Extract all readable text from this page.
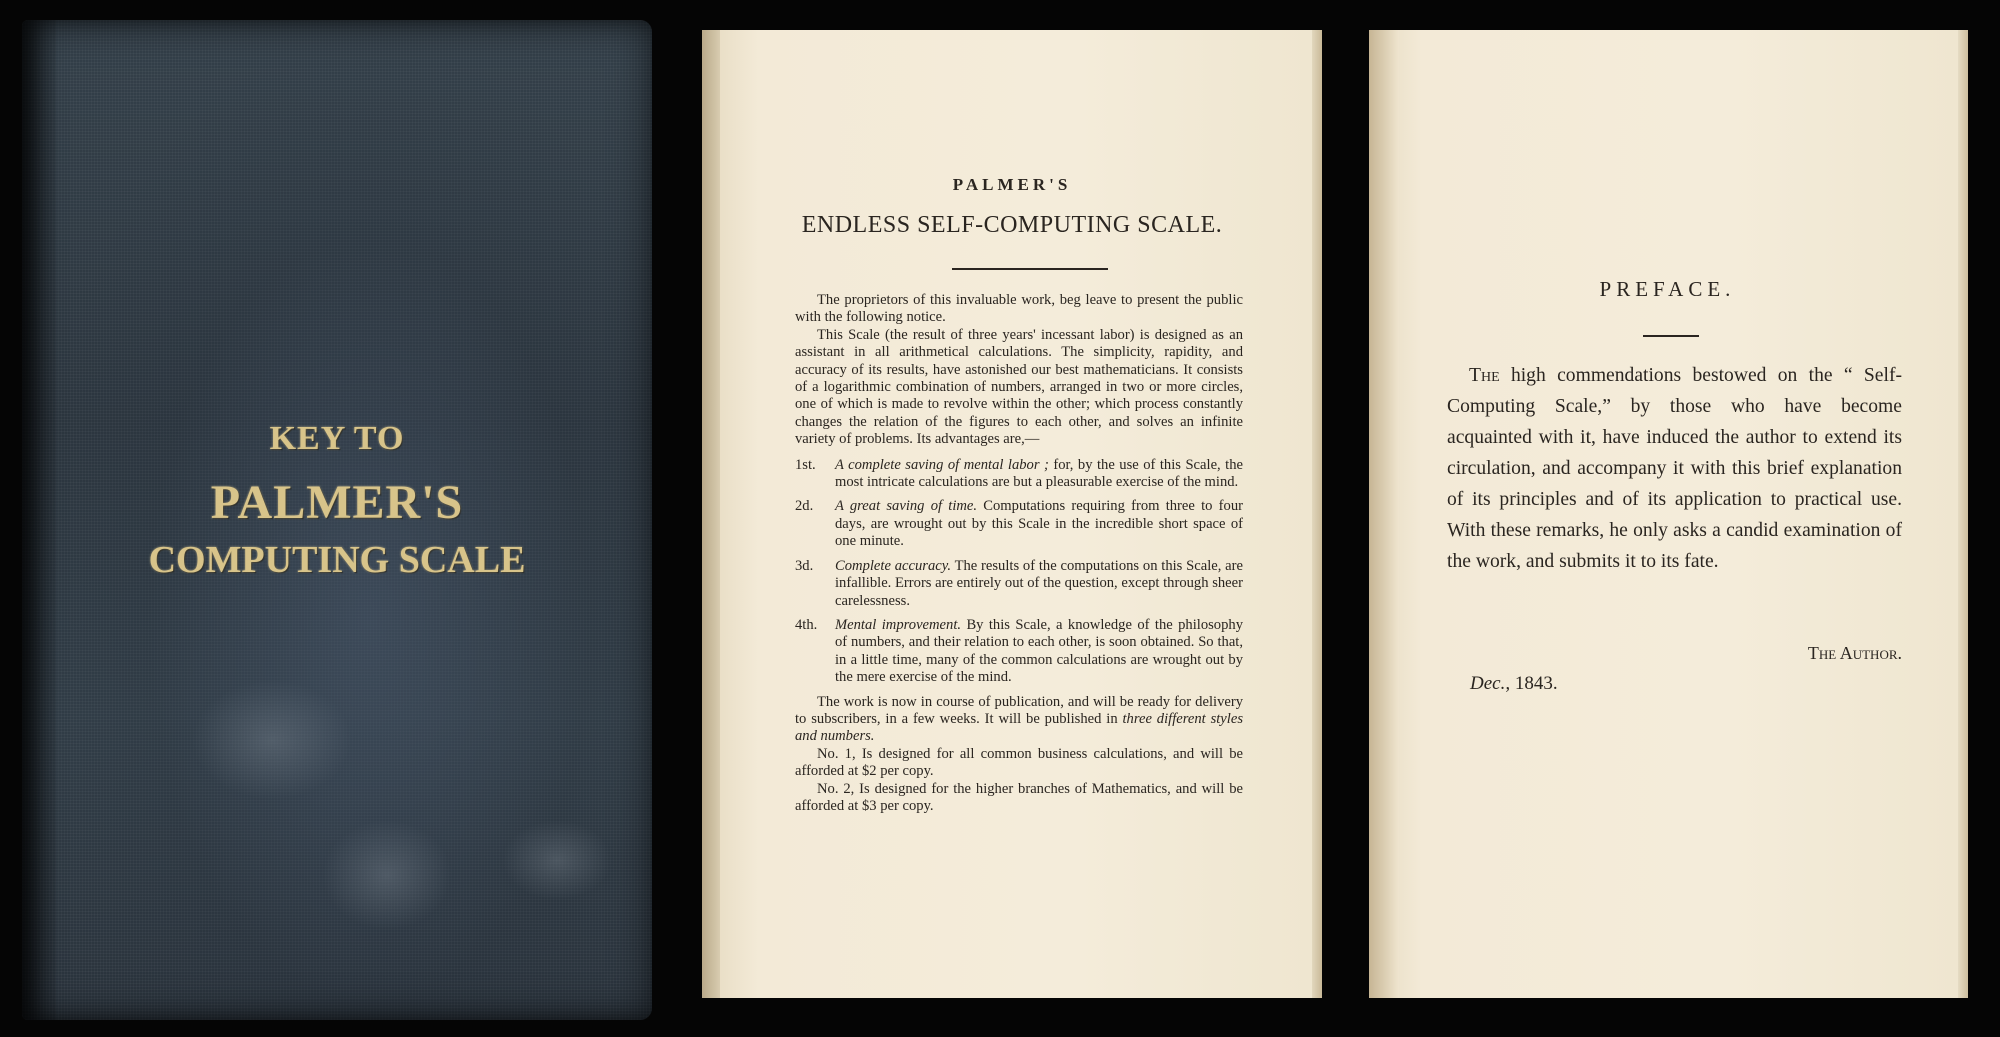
KEY TO
PALMER'S
COMPUTING SCALE
PALMER'S
ENDLESS SELF-COMPUTING SCALE.

The proprietors of this invaluable work, beg leave to present the public with the following notice.

This Scale (the result of three years' incessant labor) is designed as an assistant in all arithmetical calculations. The simplicity, rapidity, and accuracy of its results, have astonished our best mathematicians. It consists of a logarithmic combination of numbers, arranged in two or more circles, one of which is made to revolve within the other; which process constantly changes the relation of the figures to each other, and solves an infinite variety of problems. Its advantages are,—

1st.	A complete saving of mental labor ; for, by the use of this Scale, the most intricate calculations are but a pleasurable exercise of the mind.
2d.	A great saving of time. Computations requiring from three to four days, are wrought out by this Scale in the incredible short space of one minute.
3d.	Complete accuracy. The results of the computations on this Scale, are infallible. Errors are entirely out of the question, except through sheer carelessness.
4th.	Mental improvement. By this Scale, a knowledge of the philosophy of numbers, and their relation to each other, is soon obtained. So that, in a little time, many of the common calculations are wrought out by the mere exercise of the mind.

The work is now in course of publication, and will be ready for delivery to subscribers, in a few weeks. It will be published in three different styles and numbers.

No. 1, Is designed for all common business calculations, and will be afforded at $2 per copy.

No. 2, Is designed for the higher branches of Mathematics, and will be afforded at $3 per copy.

PREFACE.

The high commendations bestowed on the “ Self-Computing Scale,” by those who have become acquainted with it, have induced the author to extend its circulation, and accompany it with this brief explanation of its principles and of its application to practical use. With these remarks, he only asks a candid examination of the work, and submits it to its fate.

The Author.
Dec., 1843.
